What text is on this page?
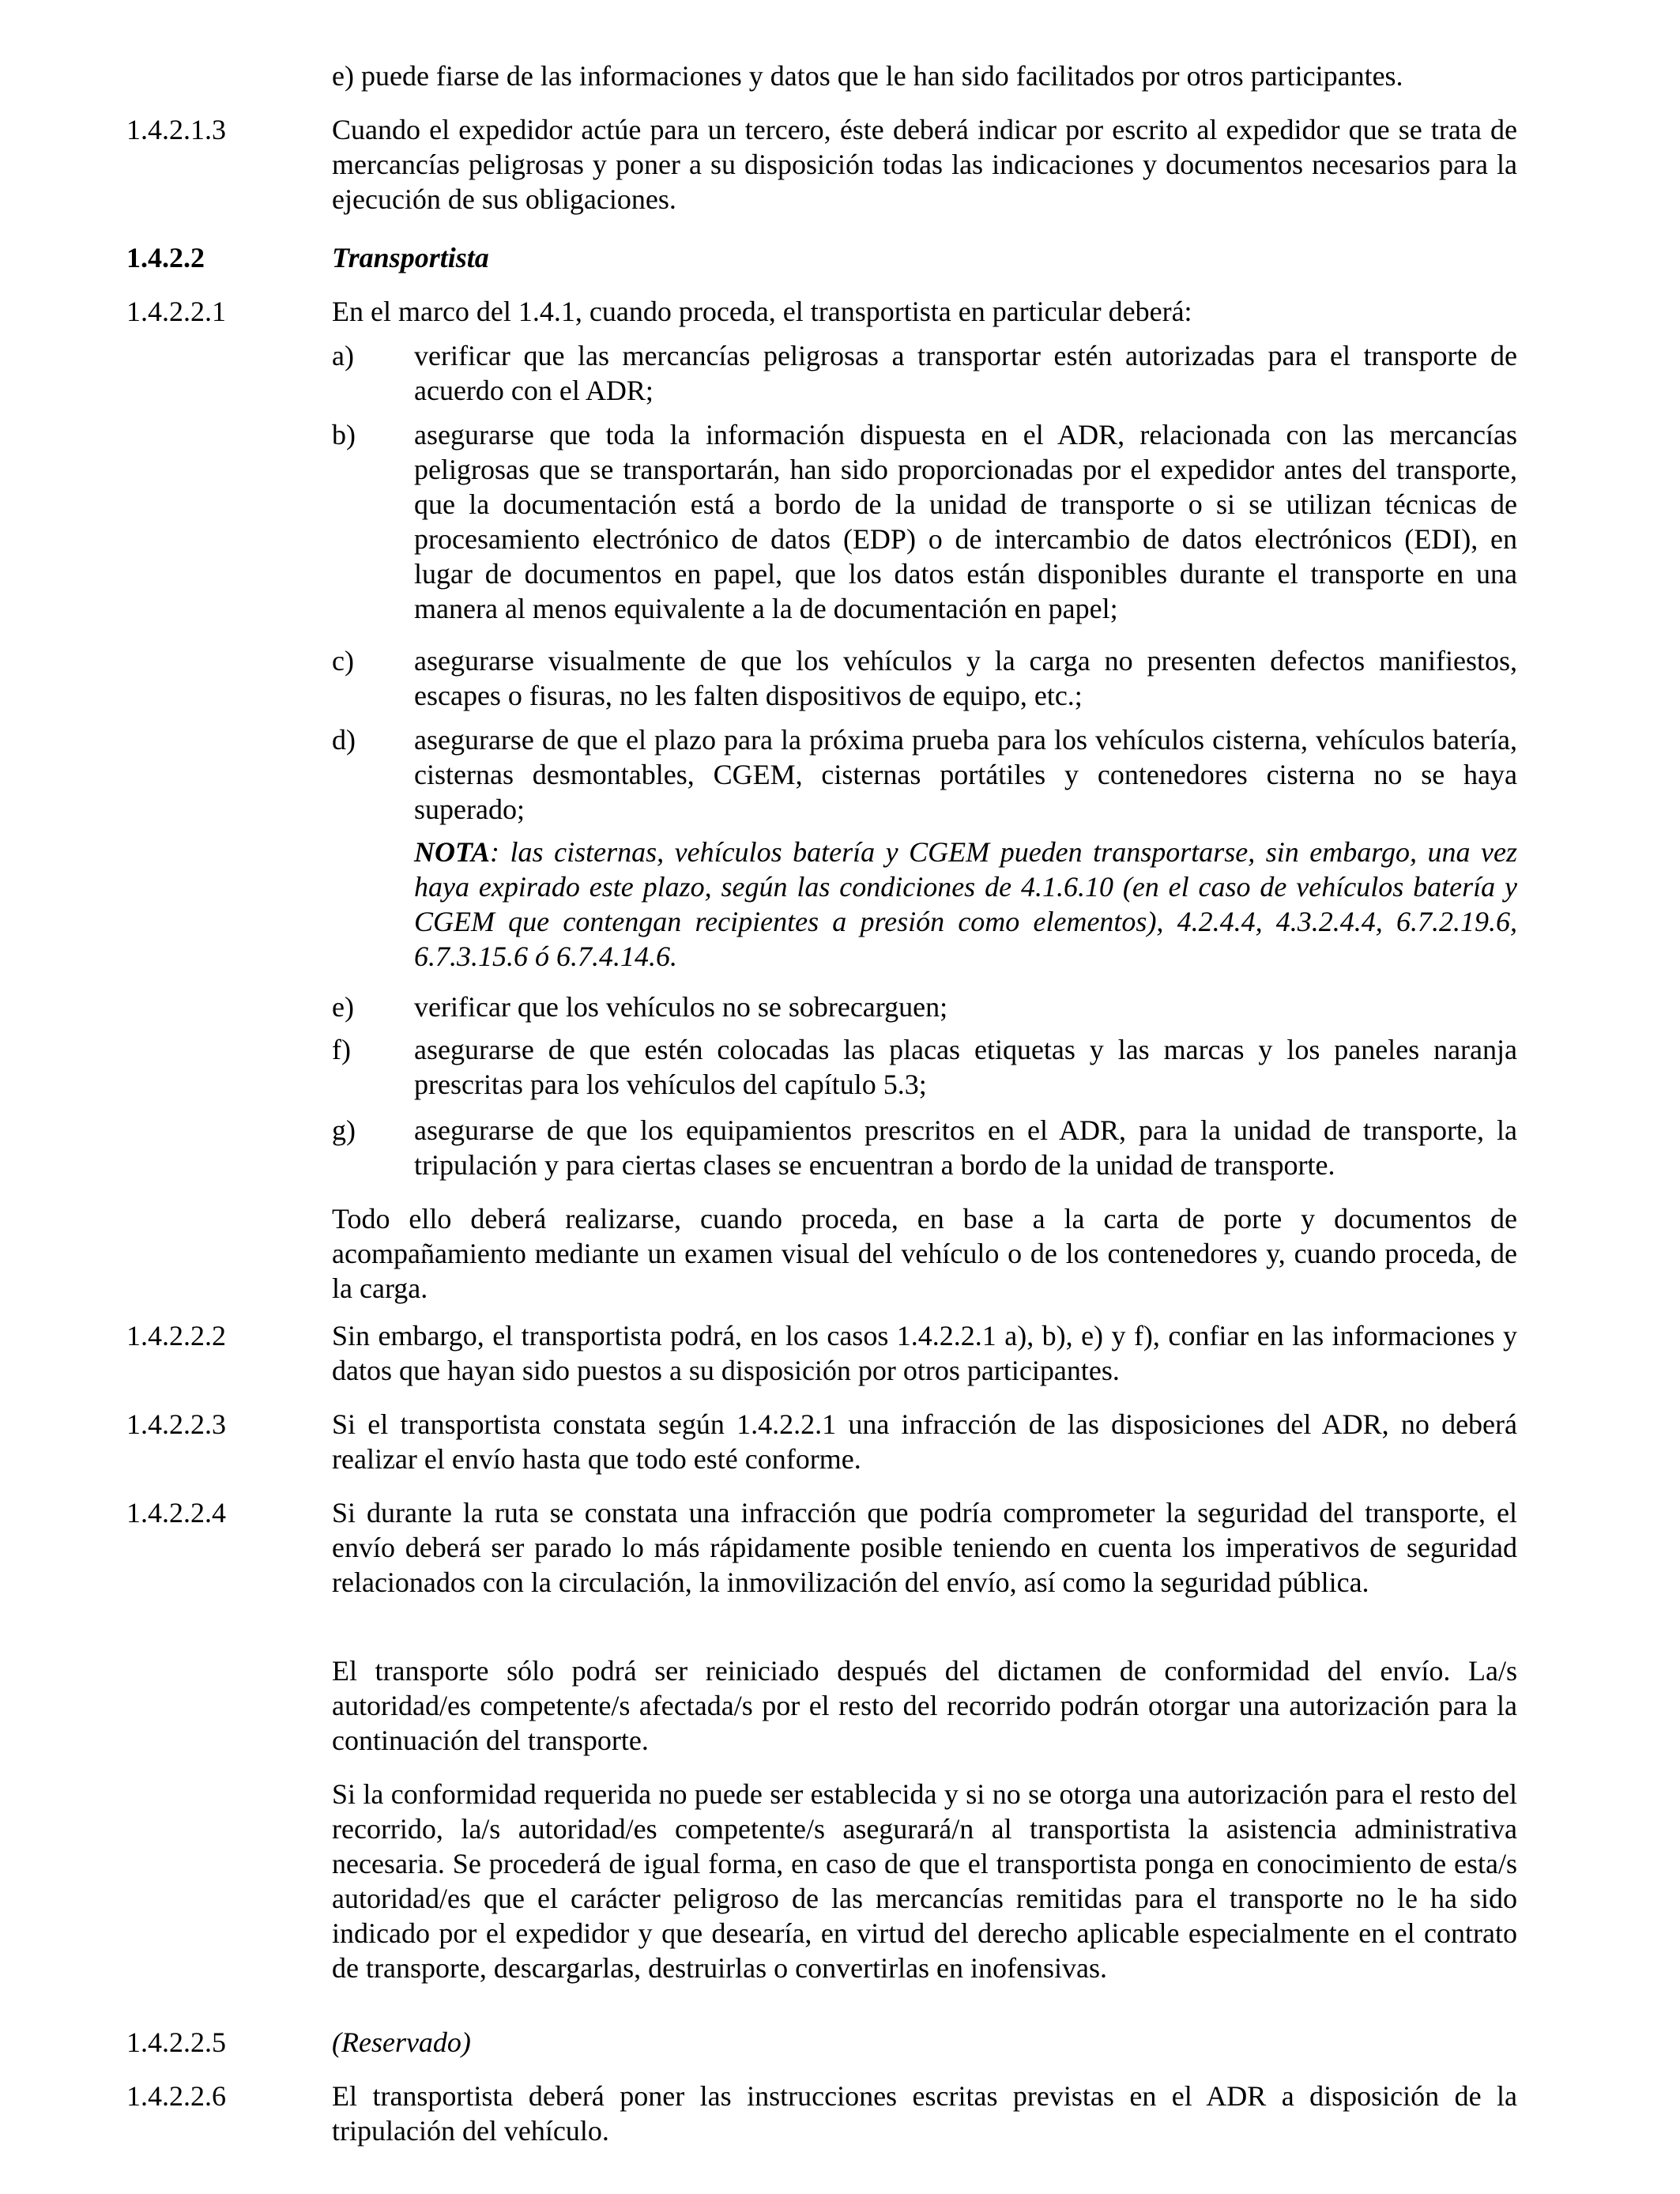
e) puede fiarse de las informaciones y datos que le han sido facilitados por otros participantes.
1.4.2.1.3	Cuando el expedidor actúe para un tercero, éste deberá indicar por escrito al expedidor que se trata de mercancías peligrosas y poner a su disposición todas las indicaciones y documentos necesarios para la ejecución de sus obligaciones.
1.4.2.2	Transportista
1.4.2.2.1	En el marco del 1.4.1, cuando proceda, el transportista en particular deberá:
a) verificar que las mercancías peligrosas a transportar estén autorizadas para el transporte de acuerdo con el ADR;
b) asegurarse que toda la información dispuesta en el ADR, relacionada con las mercancías peligrosas que se transportarán, han sido proporcionadas por el expedidor antes del transporte, que la documentación está a bordo de la unidad de transporte o si se utilizan técnicas de procesamiento electrónico de datos (EDP) o de intercambio de datos electrónicos (EDI), en lugar de documentos en papel, que los datos están disponibles durante el transporte en una manera al menos equivalente a la de documentación en papel;
c) asegurarse visualmente de que los vehículos y la carga no presenten defectos manifiestos, escapes o fisuras, no les falten dispositivos de equipo, etc.;
d) asegurarse de que el plazo para la próxima prueba para los vehículos cisterna, vehículos batería, cisternas desmontables, CGEM, cisternas portátiles y contenedores cisterna no se haya superado;
NOTA: las cisternas, vehículos batería y CGEM pueden transportarse, sin embargo, una vez haya expirado este plazo, según las condiciones de 4.1.6.10 (en el caso de vehículos batería y CGEM que contengan recipientes a presión como elementos), 4.2.4.4, 4.3.2.4.4, 6.7.2.19.6, 6.7.3.15.6 ó 6.7.4.14.6.
e) verificar que los vehículos no se sobrecarguen;
f) asegurarse de que estén colocadas las placas etiquetas y las marcas y los paneles naranja prescritas para los vehículos del capítulo 5.3;
g) asegurarse de que los equipamientos prescritos en el ADR, para la unidad de transporte, la tripulación y para ciertas clases se encuentran a bordo de la unidad de transporte.
Todo ello deberá realizarse, cuando proceda, en base a la carta de porte y documentos de acompañamiento mediante un examen visual del vehículo o de los contenedores y, cuando proceda, de la carga.
1.4.2.2.2	Sin embargo, el transportista podrá, en los casos 1.4.2.2.1 a), b), e) y f), confiar en las informaciones y datos que hayan sido puestos a su disposición por otros participantes.
1.4.2.2.3	Si el transportista constata según 1.4.2.2.1 una infracción de las disposiciones del ADR, no deberá realizar el envío hasta que todo esté conforme.
1.4.2.2.4	Si durante la ruta se constata una infracción que podría comprometer la seguridad del transporte, el envío deberá ser parado lo más rápidamente posible teniendo en cuenta los imperativos de seguridad relacionados con la circulación, la inmovilización del envío, así como la seguridad pública.
El transporte sólo podrá ser reiniciado después del dictamen de conformidad del envío. La/s autoridad/es competente/s afectada/s por el resto del recorrido podrán otorgar una autorización para la continuación del transporte.
Si la conformidad requerida no puede ser establecida y si no se otorga una autorización para el resto del recorrido, la/s autoridad/es competente/s asegurará/n al transportista la asistencia administrativa necesaria. Se procederá de igual forma, en caso de que el transportista ponga en conocimiento de esta/s autoridad/es que el carácter peligroso de las mercancías remitidas para el transporte no le ha sido indicado por el expedidor y que desearía, en virtud del derecho aplicable especialmente en el contrato de transporte, descargarlas, destruirlas o convertirlas en inofensivas.
1.4.2.2.5	(Reservado)
1.4.2.2.6	El transportista deberá poner las instrucciones escritas previstas en el ADR a disposición de la tripulación del vehículo.
